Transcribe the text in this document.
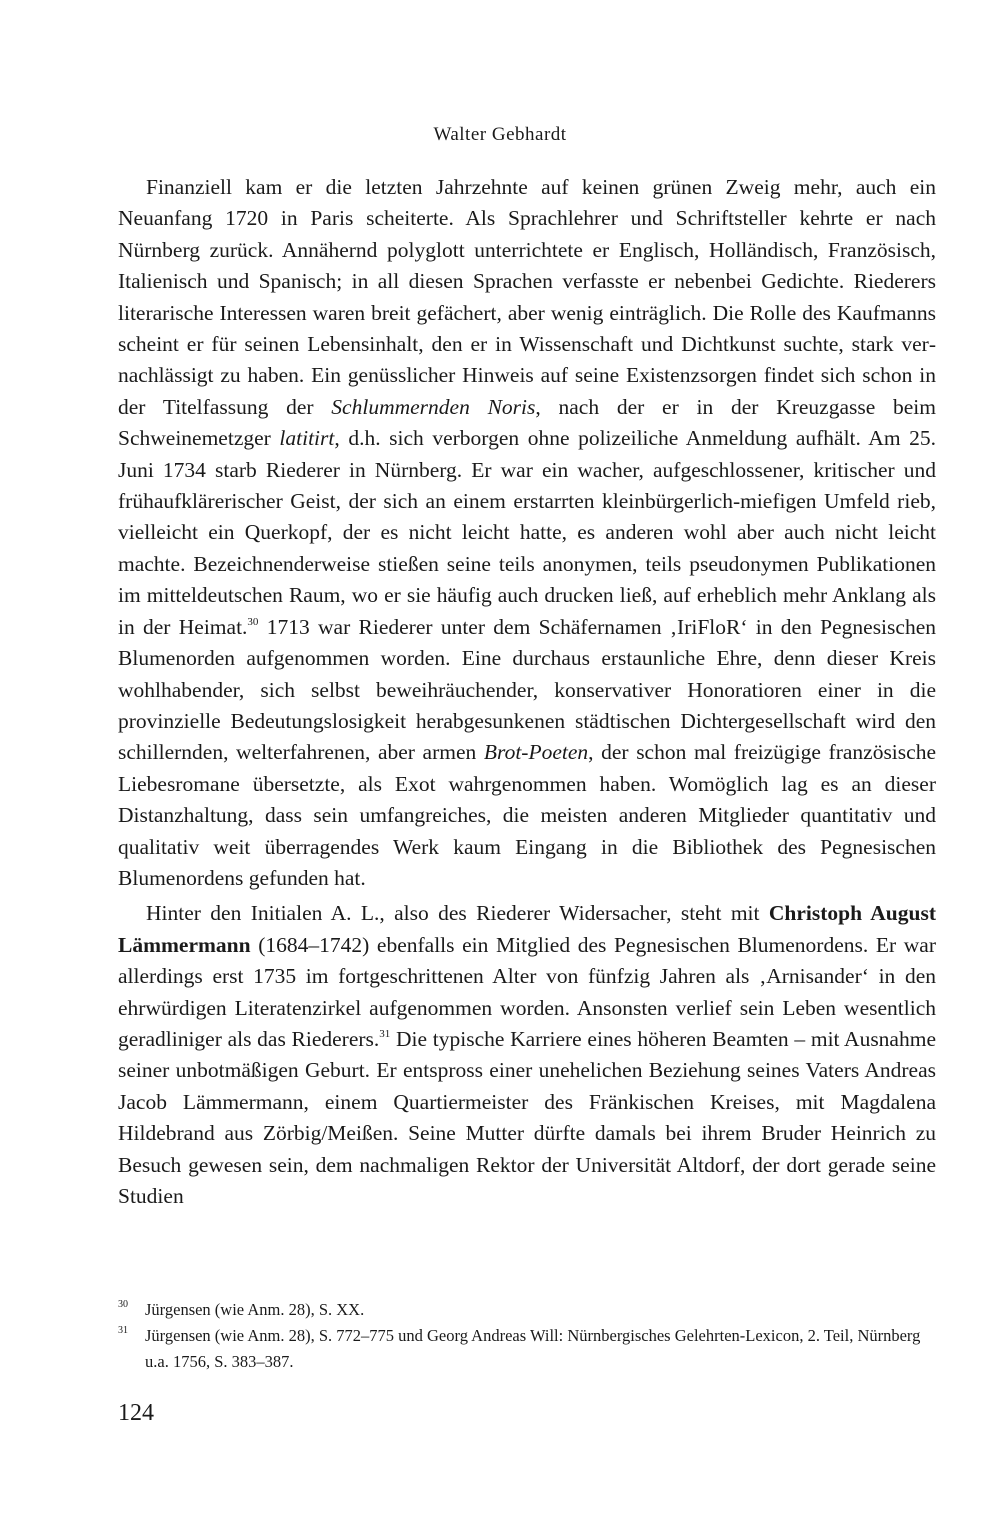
Walter Gebhardt

Finanziell kam er die letzten Jahrzehnte auf keinen grünen Zweig mehr, auch ein Neuanfang 1720 in Paris scheiterte. Als Sprachlehrer und Schriftsteller kehrte er nach Nürnberg zurück. Annähernd polyglott unterrichtete er Englisch, Holländisch, Französisch, Italienisch und Spanisch; in all diesen Sprachen verfasste er nebenbei Gedichte. Riederers literarische Interessen waren breit gefächert, aber wenig einträglich. Die Rolle des Kaufmanns scheint er für seinen Lebensinhalt, den er in Wissenschaft und Dichtkunst suchte, stark vernachlässigt zu haben. Ein genüsslicher Hinweis auf seine Existenzsorgen findet sich schon in der Titelfassung der Schlummernden Noris, nach der er in der Kreuzgasse beim Schweinemetzger latitirt, d.h. sich verborgen ohne polizeiliche Anmeldung aufhält. Am 25. Juni 1734 starb Riederer in Nürnberg. Er war ein wacher, aufgeschlossener, kritischer und frühaufklärerischer Geist, der sich an einem erstarrten kleinbürgerlich-miefigen Umfeld rieb, vielleicht ein Querkopf, der es nicht leicht hatte, es anderen wohl aber auch nicht leicht machte. Bezeichnenderweise stießen seine teils anonymen, teils pseudonymen Publikationen im mitteldeutschen Raum, wo er sie häufig auch drucken ließ, auf erheblich mehr Anklang als in der Heimat.$^{30}$ 1713 war Riederer unter dem Schäfernamen ‚IriFloR‘ in den Pegnesischen Blumenorden aufgenommen worden. Eine durchaus erstaunliche Ehre, denn dieser Kreis wohlhabender, sich selbst beweihräuchender, konservativer Honoratioren einer in die provinzielle Bedeutungslosigkeit herabgesunkenen städtischen Dichtergesellschaft wird den schillernden, welterfahrenen, aber armen Brot-Poeten, der schon mal freizügige französische Liebesromane übersetzte, als Exot wahrgenommen haben. Womöglich lag es an dieser Distanzhaltung, dass sein umfangreiches, die meisten anderen Mitglieder quantitativ und qualitativ weit überragendes Werk kaum Eingang in die Bibliothek des Pegnesischen Blumenordens gefunden hat.

Hinter den Initialen A. L., also des Riederer Widersacher, steht mit Christoph August Lämmermann (1684–1742) ebenfalls ein Mitglied des Pegnesischen Blumenordens. Er war allerdings erst 1735 im fortgeschrittenen Alter von fünfzig Jahren als ‚Arnisander‘ in den ehrwürdigen Literatenzirkel aufgenommen worden. Ansonsten verlief sein Leben wesentlich geradliniger als das Riederers.$^{31}$ Die typische Karriere eines höheren Beamten – mit Ausnahme seiner unbotmäßigen Geburt. Er entspross einer unehelichen Beziehung seines Vaters Andreas Jacob Lämmermann, einem Quartiermeister des Fränkischen Kreises, mit Magdalena Hildebrand aus Zörbig/Meißen. Seine Mutter dürfte damals bei ihrem Bruder Heinrich zu Besuch gewesen sein, dem nachmaligen Rektor der Universität Altdorf, der dort gerade seine Studien

30	Jürgensen (wie Anm. 28), S. XX.
31	Jürgensen (wie Anm. 28), S. 772–775 und Georg Andreas Will: Nürnbergisches Gelehrten-Lexicon, 2. Teil, Nürnberg u.a. 1756, S. 383–387.
124
